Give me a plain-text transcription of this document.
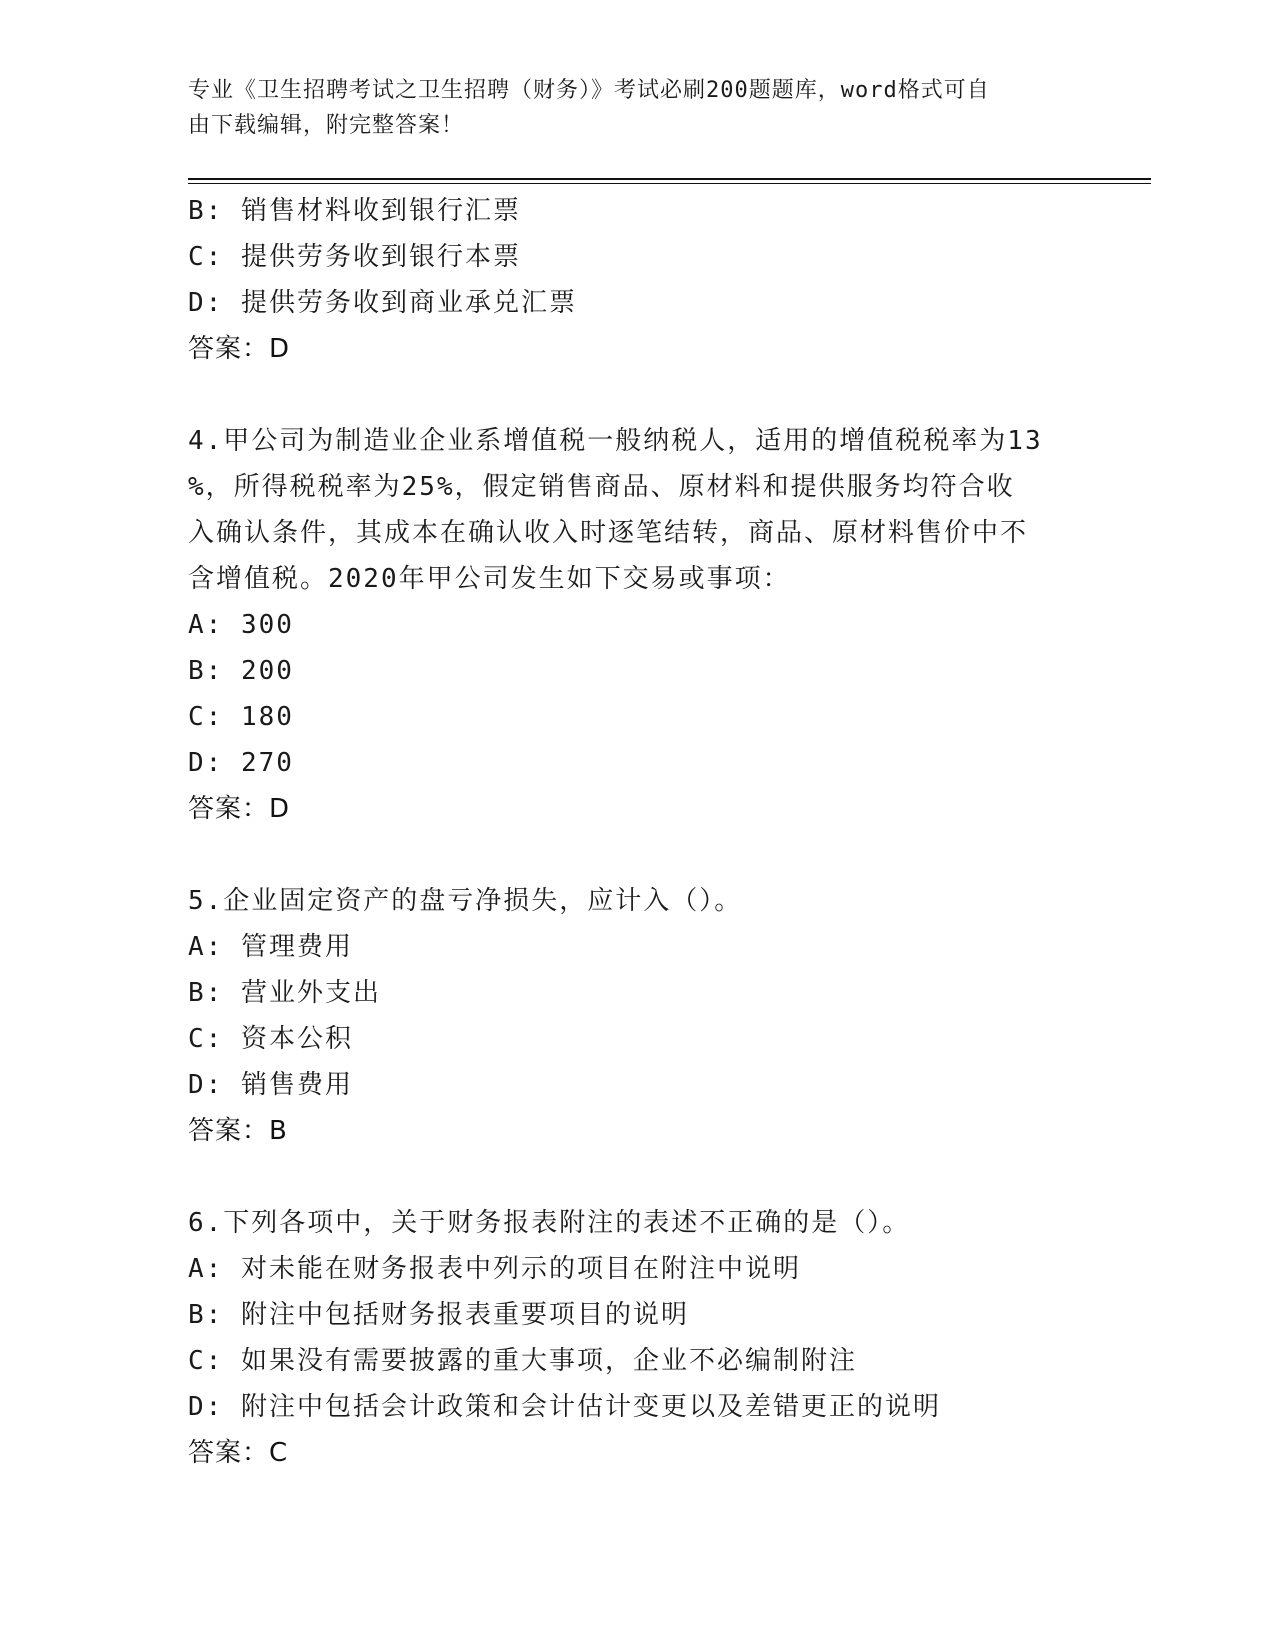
专业《卫生招聘考试之卫生招聘（财务）》考试必刷200题题库，word格式可自
由下载编辑，附完整答案！
B: 销售材料收到银行汇票
C: 提供劳务收到银行本票
D: 提供劳务收到商业承兑汇票
答案：D
4.甲公司为制造业企业系增值税一般纳税人，适用的增值税税率为13
%，所得税税率为25%，假定销售商品、原材料和提供服务均符合收
入确认条件，其成本在确认收入时逐笔结转，商品、原材料售价中不
含增值税。2020年甲公司发生如下交易或事项：
A: 300
B: 200
C: 180
D: 270
答案：D
5.企业固定资产的盘亏净损失，应计入（）。
A: 管理费用
B: 营业外支出
C: 资本公积
D: 销售费用
答案：B
6.下列各项中，关于财务报表附注的表述不正确的是（）。
A: 对未能在财务报表中列示的项目在附注中说明
B: 附注中包括财务报表重要项目的说明
C: 如果没有需要披露的重大事项，企业不必编制附注
D: 附注中包括会计政策和会计估计变更以及差错更正的说明
答案：C
